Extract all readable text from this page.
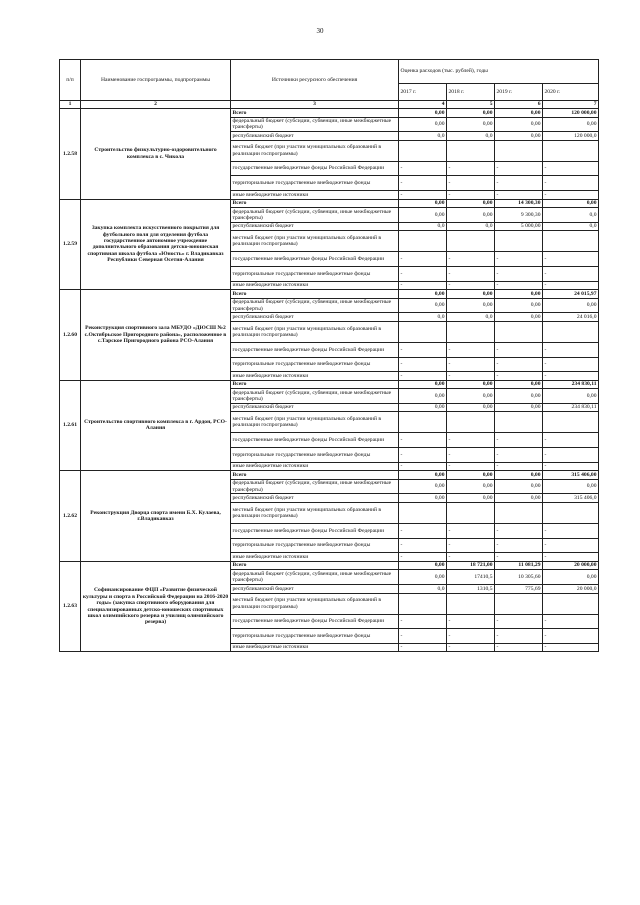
30
п/п	Наименование госпрограммы, подпрограммы	Источники ресурсного обеспечения	Оценка расходов (тыс. рублей), годы			
			2017 г.	2018 г.	2019 г.	2020 г.
1	2	3	4	5	6	7
1.2.58	Строительство физкультурно-оздоровительного комплекса в с. Чикола	Всего	0,00	0,00	0,00	120 000,00
		федеральный бюджет (субсидии, субвенции, иные межбюджетные трансферты)	0,00	0,00	0,00	0,00
		республиканский бюджет	0,0	0,0	0,00	120 000,0
		местный бюджет (при участии муниципальных образований в реализации госпрограммы)				
		государственные внебюджетные фонды Российской Федерации	-	-	-	-
		территориальные государственные внебюджетные фонды	-	-	-	-
		иные внебюджетные источники	-	-	-	-
1.2.59	Закупка комплекта искусственного покрытия для футбольного поля для отделения футбола государственное автономное учреждение дополнительного образования детско-юношеская спортивная школа футбола «Юность» г. Владикавказ Республики Северная Осетия-Алания	Всего	0,00	0,00	14 300,30	0,00
		федеральный бюджет (субсидии, субвенции, иные межбюджетные трансферты)	0,00	0,00	9 300,30	0,0
		республиканский бюджет	0,0	0,0	5 000,00	0,0
		местный бюджет (при участии муниципальных образований в реализации госпрограммы)				
		государственные внебюджетные фонды Российской Федерации	-	-	-	-
		территориальные государственные внебюджетные фонды	-	-	-	-
		иные внебюджетные источники	-	-	-	-
1.2.60	Реконструкция спортивного зала МБУДО «ДЮСШ №2 с.Октябрьское Пригородного района», расположенное в с.Тарское Пригородного района РСО-Алания	Всего	0,00	0,00	0,00	24 015,97
		федеральный бюджет (субсидии, субвенции, иные межбюджетные трансферты)	0,00	0,00	0,00	0,00
		республиканский бюджет	0,0	0,0	0,00	24 016,0
		местный бюджет (при участии муниципальных образований в реализации госпрограммы)				
		государственные внебюджетные фонды Российской Федерации	-	-	-	-
		территориальные государственные внебюджетные фонды	-	-	-	-
		иные внебюджетные источники	-	-	-	-
1.2.61	Строительство спортивного комплекса в г. Ардон, РСО-Алания	Всего	0,00	0,00	0,00	234 830,11
		федеральный бюджет (субсидии, субвенции, иные межбюджетные трансферты)	0,00	0,00	0,00	0,00
		республиканский бюджет	0,00	0,00	0,00	234 830,11
		местный бюджет (при участии муниципальных образований в реализации госпрограммы)				
		государственные внебюджетные фонды Российской Федерации	-	-	-	-
		территориальные государственные внебюджетные фонды	-	-	-	-
		иные внебюджетные источники	-	-	-	-
1.2.62	Реконструкция Дворца спорта имени Б.Х. Кулаева, г.Владикавказ	Всего	0,00	0,00	0,00	315 406,00
		федеральный бюджет (субсидии, субвенции, иные межбюджетные трансферты)	0,00	0,00	0,00	0,00
		республиканский бюджет	0,00	0,00	0,00	315 406,0
		местный бюджет (при участии муниципальных образований в реализации госпрограммы)				
		государственные внебюджетные фонды Российской Федерации	-	-	-	-
		территориальные государственные внебюджетные фонды	-	-	-	-
		иные внебюджетные источники	-	-	-	-
1.2.63	Софинансирование ФЦП «Развитие физической культуры и спорта в Российской Федерации на 2016-2020 годы» (закупка спортивного оборудования для специализированных детско-юношеских спортивных школ олимпийского резерва и училищ олимпийского резерва)	Всего	0,00	18 721,00	11 081,29	20 000,00
		федеральный бюджет (субсидии, субвенции, иные межбюджетные трансферты)	0,00	17410,5	10 305,60	0,00
		республиканский бюджет	0,0	1310,5	775,69	20 000,0
		местный бюджет (при участии муниципальных образований в реализации госпрограммы)				
		государственные внебюджетные фонды Российской Федерации	-	-	-	-
		территориальные государственные внебюджетные фонды	-	-	-	-
		иные внебюджетные источники	-	-	-	-
